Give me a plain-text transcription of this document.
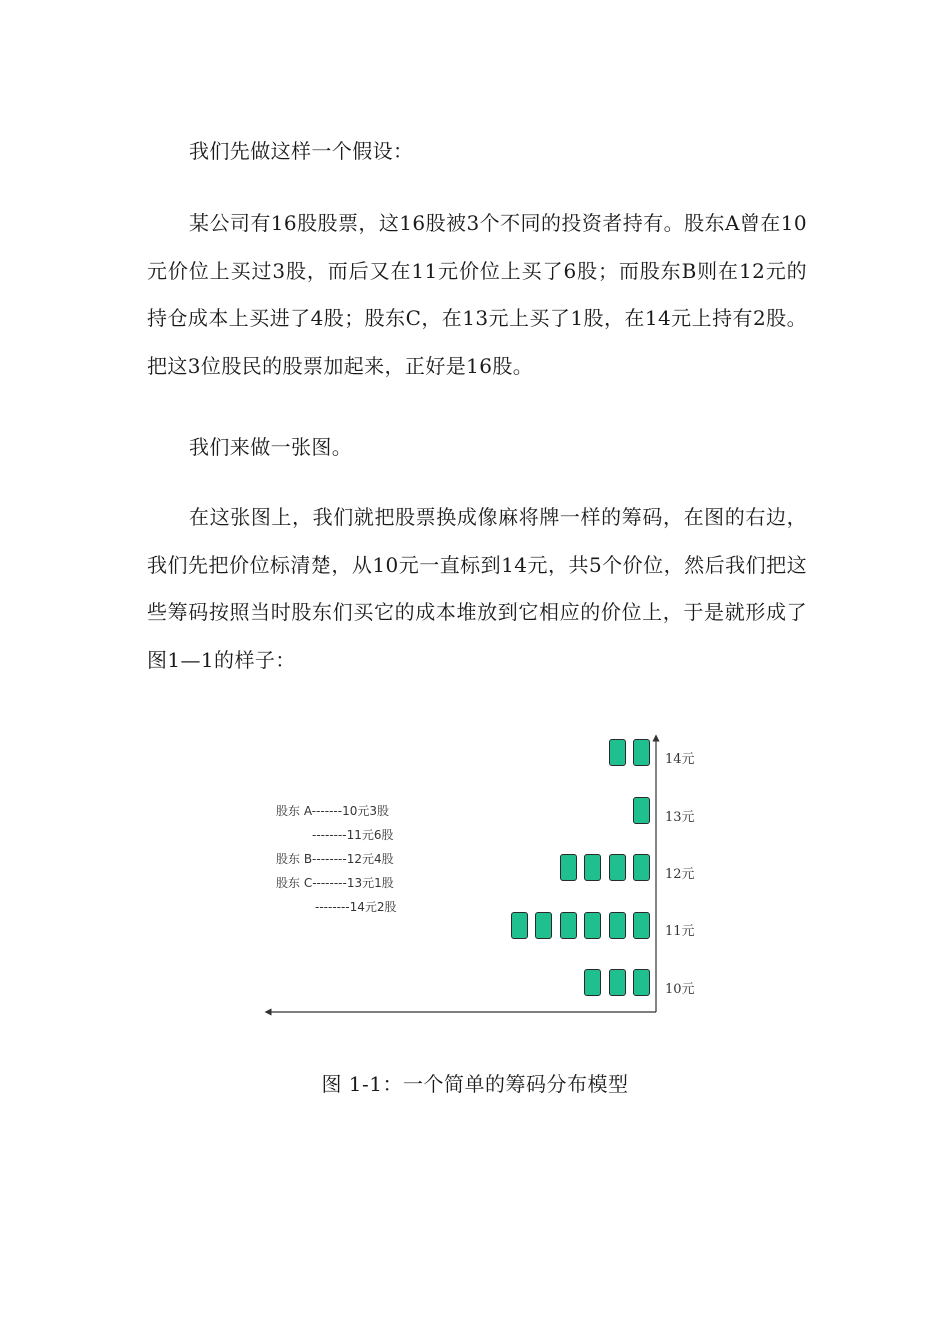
我们先做这样一个假设：

某公司有16股股票，这16股被3个不同的投资者持有。股东A曾在10元价位上买过3股，而后又在11元价位上买了6股；而股东B则在12元的持仓成本上买进了4股；股东C，在13元上买了1股，在14元上持有2股。把这3位股民的股票加起来，正好是16股。

我们来做一张图。

在这张图上，我们就把股票换成像麻将牌一样的筹码，在图的右边，我们先把价位标清楚，从10元一直标到14元，共5个价位，然后我们把这些筹码按照当时股东们买它的成本堆放到它相应的价位上，于是就形成了图1—1的样子：

股东 A-------10元3股
--------11元6股
股东 B--------12元4股
股东 C--------13元1股
--------14元2股
14元
13元
12元
11元
10元
图 1-1：一个简单的筹码分布模型
